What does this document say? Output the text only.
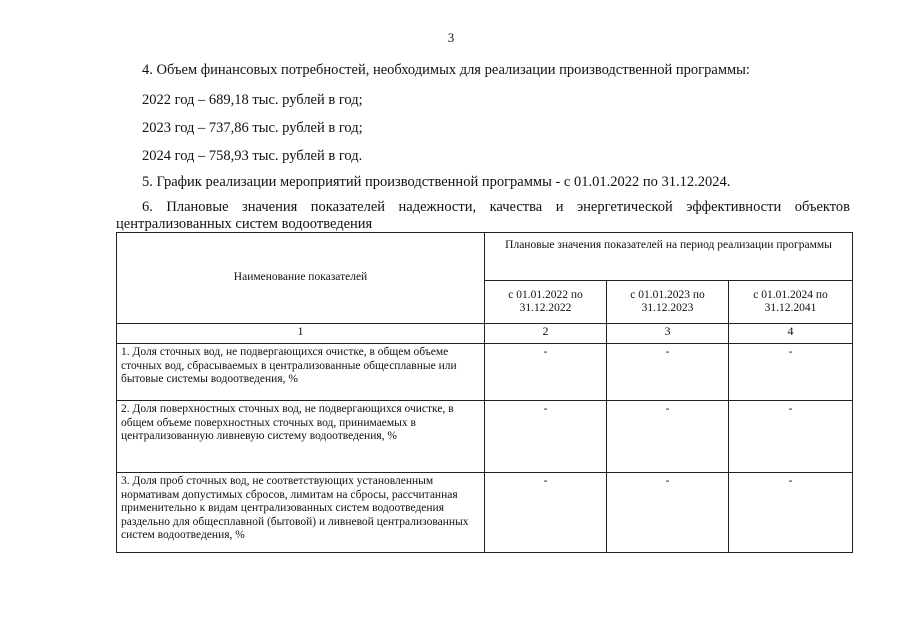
3
4. Объем финансовых потребностей, необходимых для реализации производственной программы:
2022 год – 689,18 тыс. рублей в год;
2023 год – 737,86 тыс. рублей в год;
2024 год – 758,93 тыс. рублей в год.
5. График реализации мероприятий производственной программы - с 01.01.2022 по 31.12.2024.
6. Плановые значения показателей надежности, качества и энергетической эффективности объектов централизованных систем водоотведения
Наименование показателей	Плановые значения показателей на период реализации программы		
	с 01.01.2022 по 31.12.2022	с 01.01.2023 по 31.12.2023	с 01.01.2024 по 31.12.2041
1	2	3	4
1. Доля сточных вод, не подвергающихся очистке, в общем объеме сточных вод, сбрасываемых в централизованные общесплавные или бытовые системы водоотведения, %	-	-	-
2. Доля поверхностных сточных вод, не подвергающихся очистке, в общем объеме поверхностных сточных вод, принимаемых в централизованную ливневую систему водоотведения, %	-	-	-
3. Доля проб сточных вод, не соответствующих установленным нормативам допустимых сбросов, лимитам на сбросы, рассчитанная применительно к видам централизованных систем водоотведения раздельно для общесплавной (бытовой) и ливневой централизованных систем водоотведения, %	-	-	-
